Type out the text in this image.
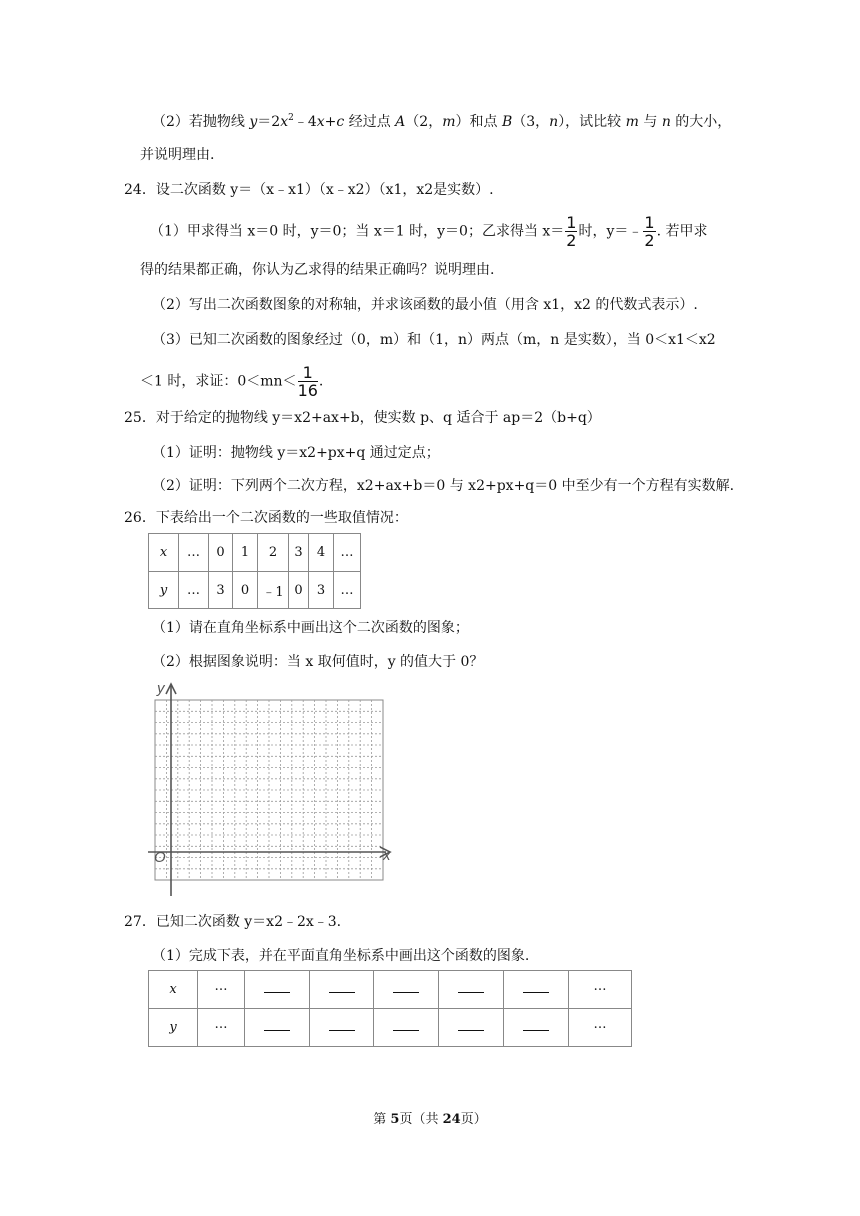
（2）若抛物线 $y=2x^2﹣4x+c$ 经过点 A（2，m）和点 B（3，n），试比较 m 与 n 的大小，
并说明理由.
24．设二次函数 y＝（x﹣x1）（x﹣x2）（x1，x2是实数）.
（1）甲求得当 x＝0 时，y＝0；当 x＝1 时，y＝0；乙求得当 $x= \frac{1}{2}$ 时，y＝﹣ $\frac{1}{2}$ . 若甲求
得的结果都正确，你认为乙求得的结果正确吗？说明理由.
（2）写出二次函数图象的对称轴，并求该函数的最小值（用含 x1，x2 的代数式表示）.
（3）已知二次函数的图象经过（0，m）和（1，n）两点（m，n 是实数），当 0＜x1＜x2
＜1 时，求证：$0<mn< \frac{1}{16}$ .
25．对于给定的抛物线 y＝x2+ax+b，使实数 p、q 适合于 ap＝2（b+q）
（1）证明：抛物线 y＝x2+px+q 通过定点；
（2）证明：下列两个二次方程，x2+ax+b＝0 与 x2+px+q＝0 中至少有一个方程有实数解.
26．下表给出一个二次函数的一些取值情况：
x	…	0	1	2	3	4	…
y	…	3	0	﹣1	0	3	…
（1）请在直角坐标系中画出这个二次函数的图象；
（2）根据图象说明：当 x 取何值时，y 的值大于 0？
y
x
O
27．已知二次函数 y＝x2﹣2x﹣3.
（1）完成下表，并在平面直角坐标系中画出这个函数的图象.
x	…						…
y	…						…
第 5页（共 24页）
